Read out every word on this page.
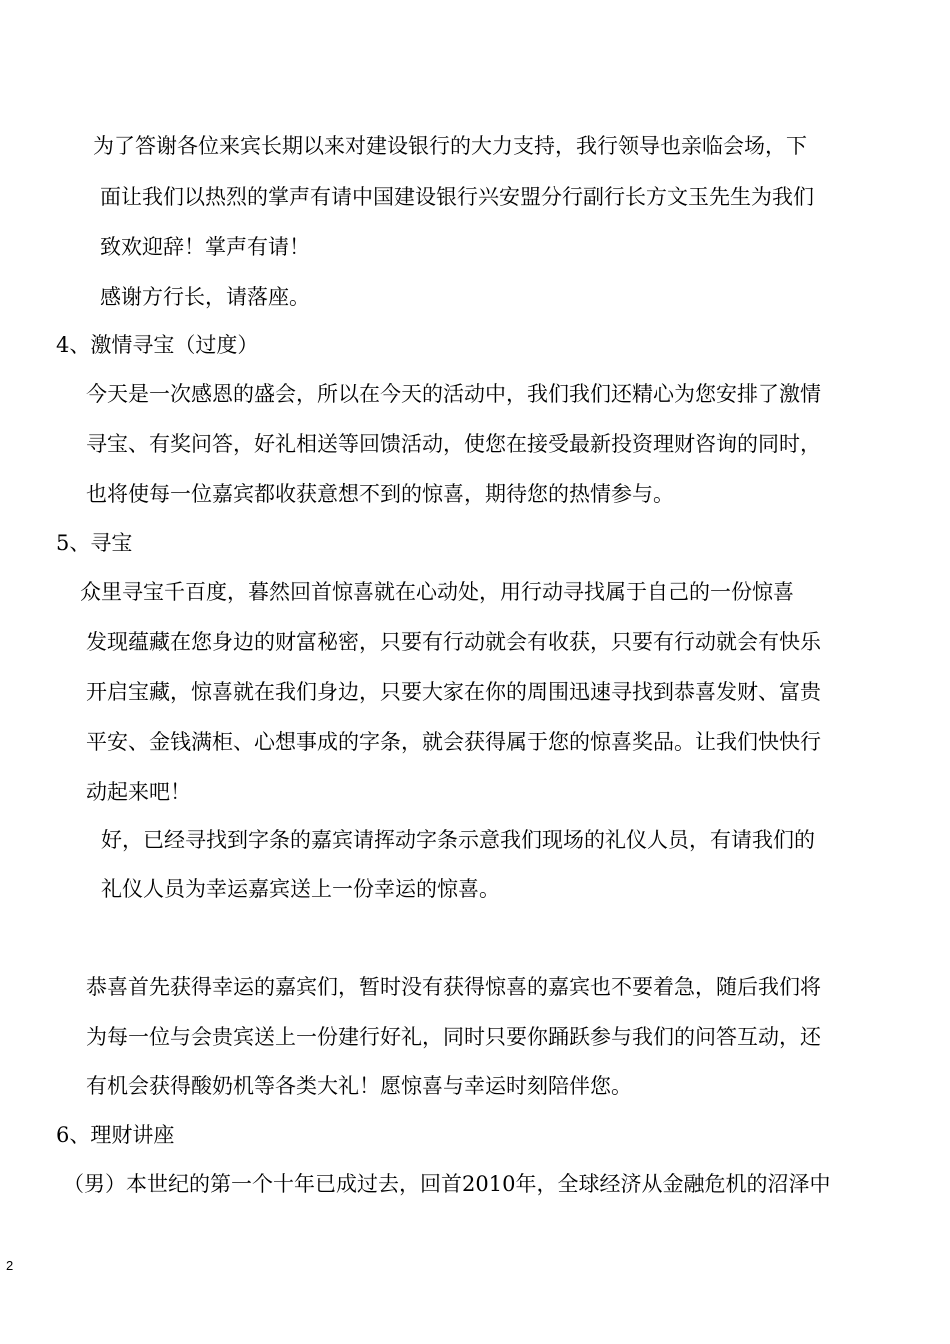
为了答谢各位来宾长期以来对建设银行的大力支持，我行领导也亲临会场，下
面让我们以热烈的掌声有请中国建设银行兴安盟分行副行长方文玉先生为我们
致欢迎辞！掌声有请！
感谢方行长，请落座。
4、激情寻宝（过度）
今天是一次感恩的盛会，所以在今天的活动中，我们我们还精心为您安排了激情
寻宝、有奖问答，好礼相送等回馈活动，使您在接受最新投资理财咨询的同时，
也将使每一位嘉宾都收获意想不到的惊喜，期待您的热情参与。
5、寻宝
众里寻宝千百度，暮然回首惊喜就在心动处，用行动寻找属于自己的一份惊喜
发现蕴藏在您身边的财富秘密，只要有行动就会有收获，只要有行动就会有快乐
开启宝藏，惊喜就在我们身边，只要大家在你的周围迅速寻找到恭喜发财、富贵
平安、金钱满柜、心想事成的字条，就会获得属于您的惊喜奖品。让我们快快行
动起来吧！
好，已经寻找到字条的嘉宾请挥动字条示意我们现场的礼仪人员，有请我们的
礼仪人员为幸运嘉宾送上一份幸运的惊喜。
恭喜首先获得幸运的嘉宾们，暂时没有获得惊喜的嘉宾也不要着急，随后我们将
为每一位与会贵宾送上一份建行好礼，同时只要你踊跃参与我们的问答互动，还
有机会获得酸奶机等各类大礼！愿惊喜与幸运时刻陪伴您。
6、理财讲座
（男）本世纪的第一个十年已成过去，回首2010年，全球经济从金融危机的沼泽中
2
